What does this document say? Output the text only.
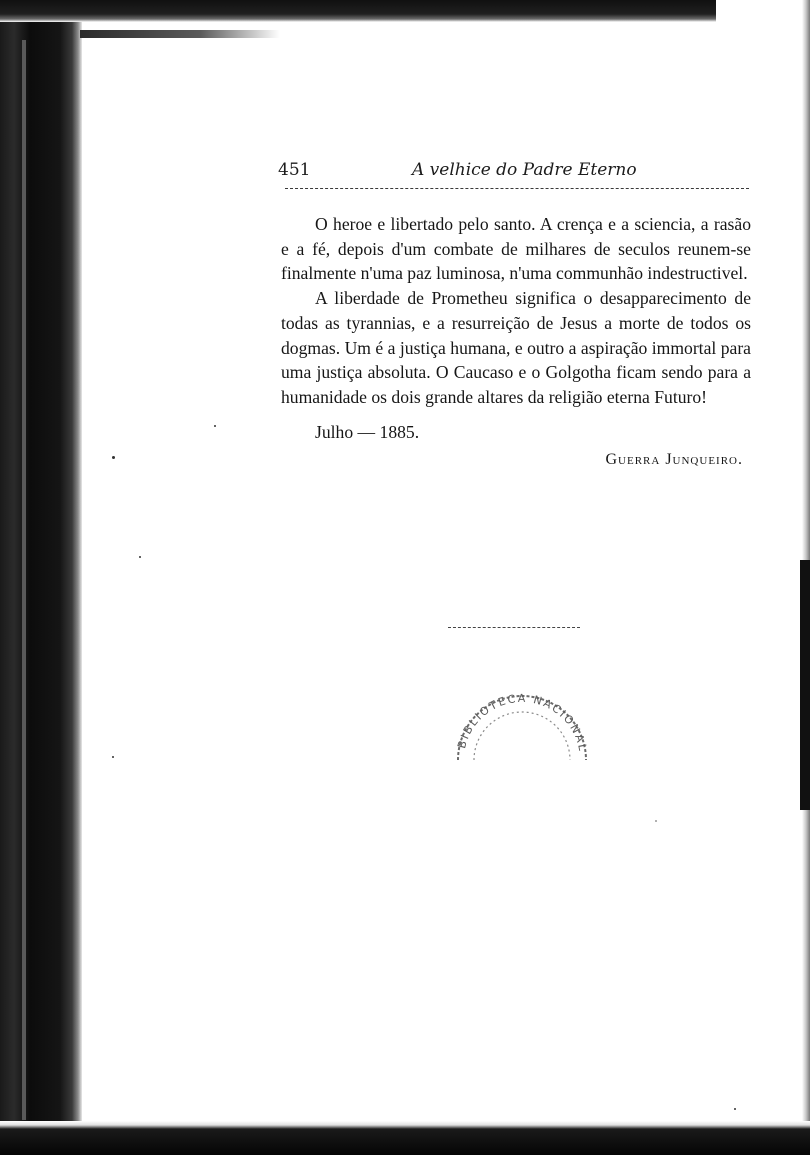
451	A velhice do Padre Eterno

O heroe e libertado pelo santo. A crença e a sciencia, a rasão e a fé, depois d'um combate de milhares de seculos reunem-se finalmente n'uma paz luminosa, n'uma communhão indestructivel.

A liberdade de Prometheu significa o desapparecimento de todas as tyrannias, e a resurreição de Jesus a morte de todos os dogmas. Um é a justiça humana, e outro a aspiração immortal para uma justiça absoluta. O Caucaso e o Golgotha ficam sendo para a humanidade os dois grande altares da religião eterna Futuro!

Julho — 1885.

Guerra Junqueiro.

BIBLIOTECA NACIONAL
